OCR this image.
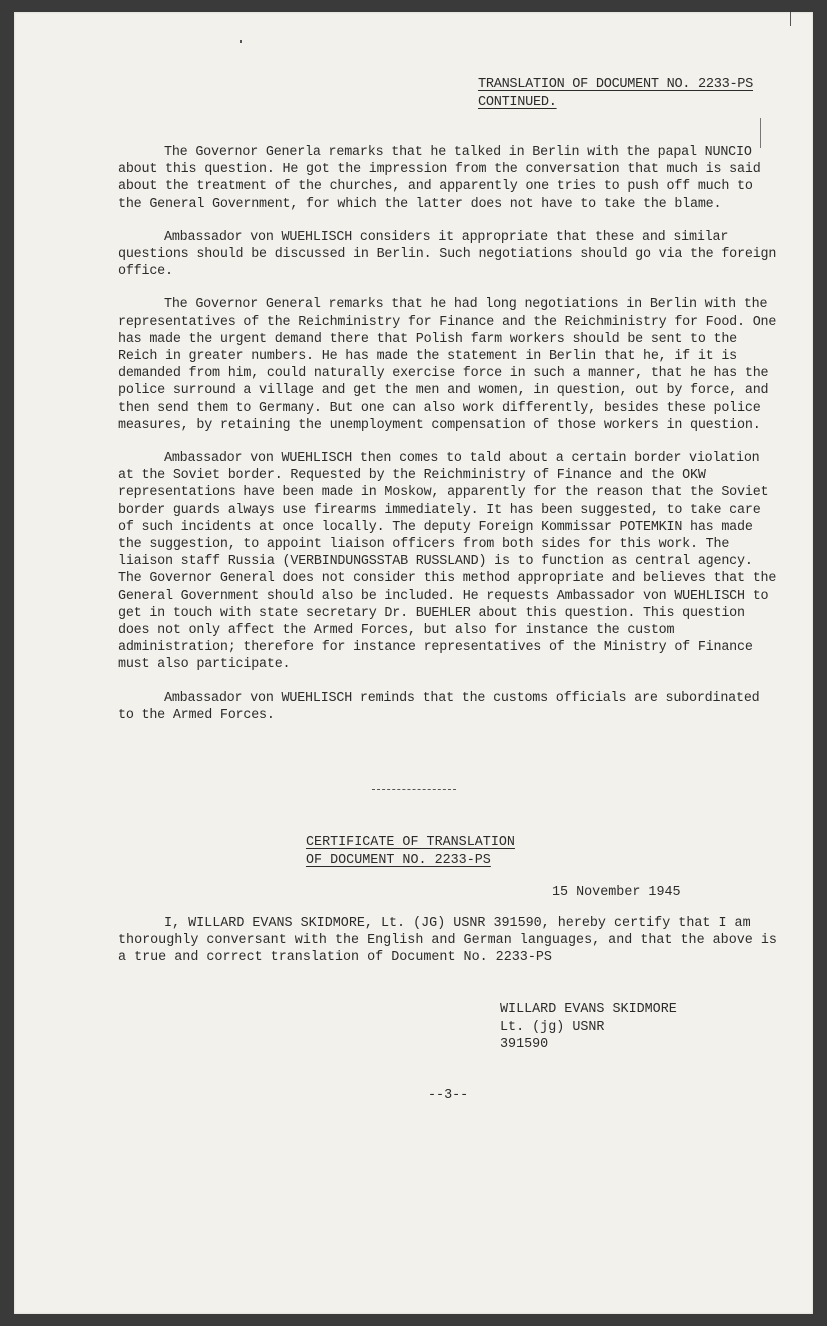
TRANSLATION OF DOCUMENT NO. 2233-PS
CONTINUED.

The Governor Generla remarks that he talked in Berlin with the papal NUNCIO about this question. He got the impression from the conversation that much is said about the treatment of the churches, and apparently one tries to push off much to the General Government, for which the latter does not have to take the blame.

Ambassador von WUEHLISCH considers it appropriate that these and similar questions should be discussed in Berlin. Such negotiations should go via the foreign office.

The Governor General remarks that he had long negotiations in Berlin with the representatives of the Reichministry for Finance and the Reichministry for Food. One has made the urgent demand there that Polish farm workers should be sent to the Reich in greater numbers. He has made the statement in Berlin that he, if it is demanded from him, could naturally exercise force in such a manner, that he has the police surround a village and get the men and women, in question, out by force, and then send them to Germany. But one can also work differently, besides these police measures, by retaining the unemployment compensation of those workers in question.

Ambassador von WUEHLISCH then comes to tald about a certain border violation at the Soviet border. Requested by the Reichministry of Finance and the OKW representations have been made in Moskow, apparently for the reason that the Soviet border guards always use firearms immediately. It has been suggested, to take care of such incidents at once locally. The deputy Foreign Kommissar POTEMKIN has made the suggestion, to appoint liaison officers from both sides for this work. The liaison staff Russia (VERBINDUNGSSTAB RUSSLAND) is to function as central agency. The Governor General does not consider this method appropriate and believes that the General Government should also be included. He requests Ambassador von WUEHLISCH to get in touch with state secretary Dr. BUEHLER about this question. This question does not only affect the Armed Forces, but also for instance the custom administration; therefore for instance representatives of the Ministry of Finance must also participate.

Ambassador von WUEHLISCH reminds that the customs officials are subordinated to the Armed Forces.

CERTIFICATE OF TRANSLATION
OF DOCUMENT NO. 2233-PS
15 November 1945
I, WILLARD EVANS SKIDMORE, Lt. (JG) USNR 391590, hereby certify that I am thoroughly conversant with the English and German languages, and that the above is a true and correct translation of Document No. 2233-PS
WILLARD EVANS SKIDMORE
Lt. (jg) USNR
391590
--3--
